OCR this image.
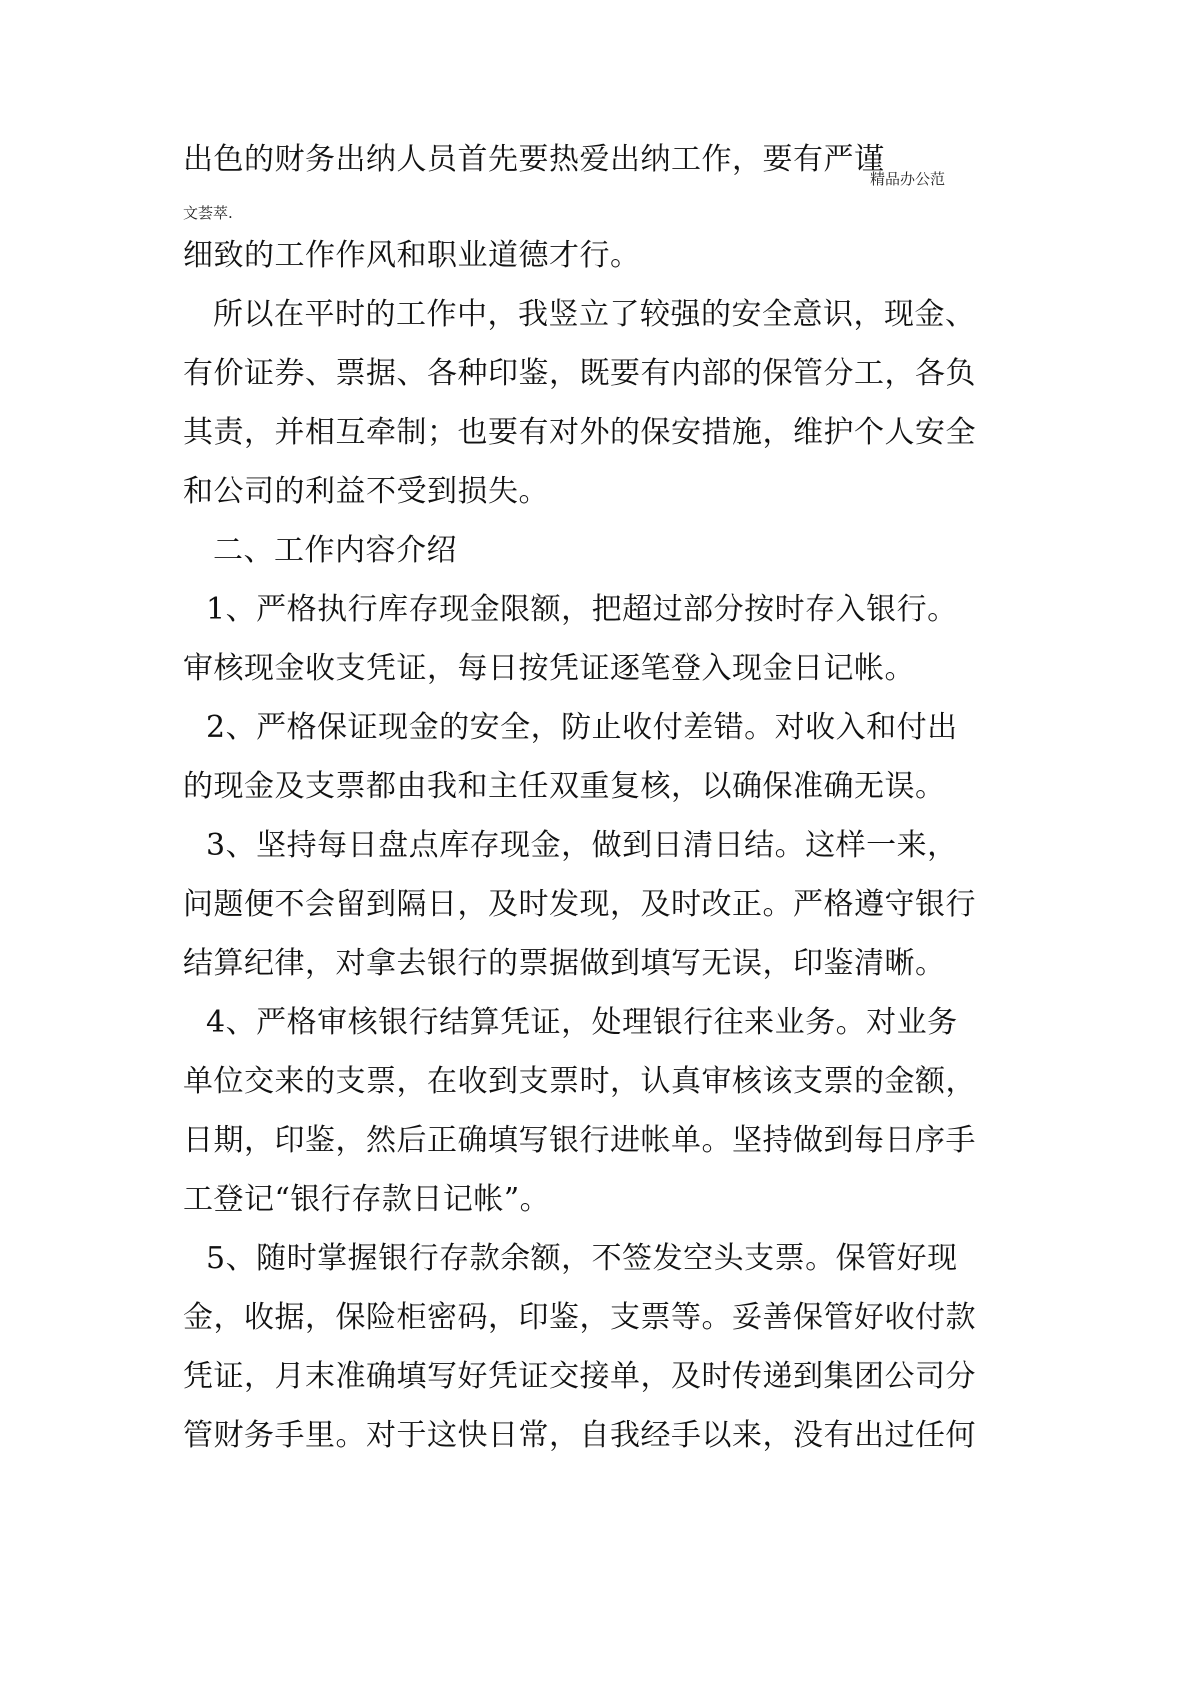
出色的财务出纳人员首先要热爱出纳工作，要有严谨
精品办公范
文荟萃.
细致的工作作风和职业道德才行。
所以在平时的工作中，我竖立了较强的安全意识，现金、
有价证券、票据、各种印鉴，既要有内部的保管分工，各负
其责，并相互牵制；也要有对外的保安措施，维护个人安全
和公司的利益不受到损失。
二、工作内容介绍
1、严格执行库存现金限额，把超过部分按时存入银行。
审核现金收支凭证，每日按凭证逐笔登入现金日记帐。
2、严格保证现金的安全，防止收付差错。对收入和付出
的现金及支票都由我和主任双重复核，以确保准确无误。
3、坚持每日盘点库存现金，做到日清日结。这样一来，
问题便不会留到隔日，及时发现，及时改正。严格遵守银行
结算纪律，对拿去银行的票据做到填写无误，印鉴清晰。
4、严格审核银行结算凭证，处理银行往来业务。对业务
单位交来的支票，在收到支票时，认真审核该支票的金额，
日期，印鉴，然后正确填写银行进帐单。坚持做到每日序手
工登记“银行存款日记帐”。
5、随时掌握银行存款余额，不签发空头支票。保管好现
金，收据，保险柜密码，印鉴，支票等。妥善保管好收付款
凭证，月末准确填写好凭证交接单，及时传递到集团公司分
管财务手里。对于这快日常，自我经手以来，没有出过任何
